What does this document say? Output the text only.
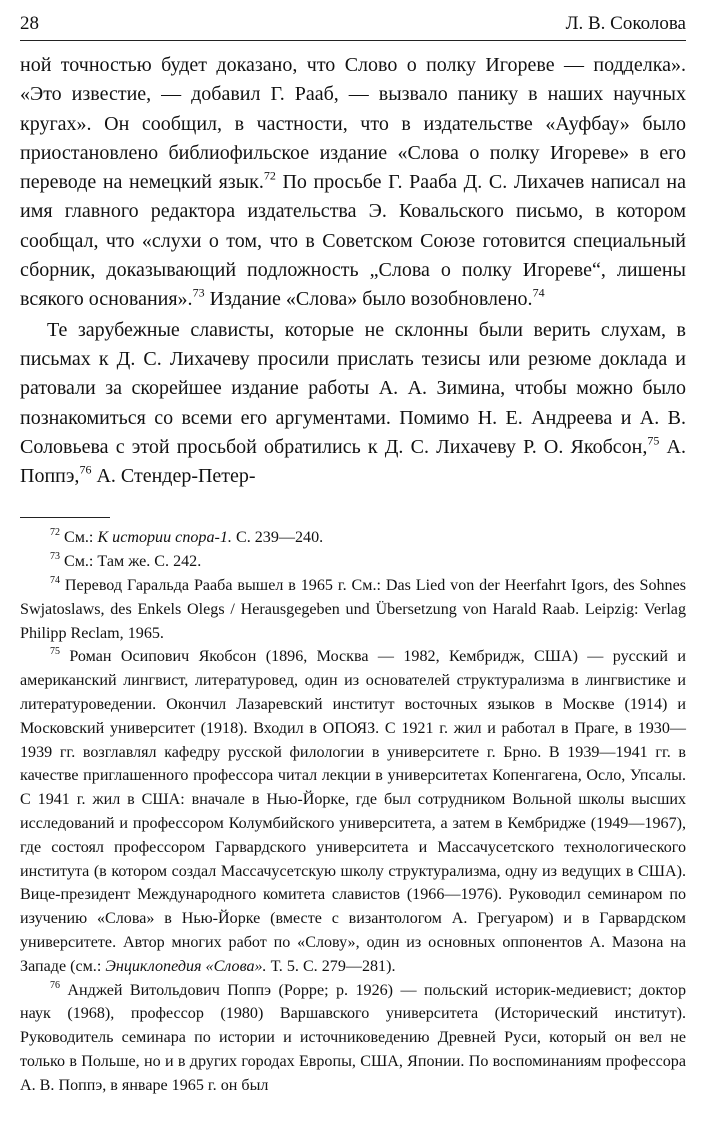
28	Л. В. Соколова

ной точностью будет доказано, что Слово о полку Игореве — подделка». «Это известие, — добавил Г. Рааб, — вызвало панику в наших научных кругах». Он сообщил, в частности, что в издательстве «Ауфбау» было приостановлено библиофильское издание «Слова о полку Игореве» в его переводе на немецкий язык.$^{72}$ По просьбе Г. Рааба Д. С. Лихачев написал на имя главного редактора издательства Э. Ковальского письмо, в котором сообщал, что «слухи о том, что в Советском Союзе готовится специальный сборник, доказывающий подложность „Слова о полку Игореве“, лишены всякого основания».$^{73}$ Издание «Слова» было возобновлено.$^{74}$

Те зарубежные слависты, которые не склонны были верить слухам, в письмах к Д. С. Лихачеву просили прислать тезисы или резюме доклада и ратовали за скорейшее издание работы А. А. Зимина, чтобы можно было познакомиться со всеми его аргументами. Помимо Н. Е. Андреева и А. В. Соловьева с этой просьбой обратились к Д. С. Лихачеву Р. О. Якобсон,$^{75}$ А. Поппэ,$^{76}$ А. Стендер-Петер-

$^{72}$ См.: К истории спора-1. С. 239—240.

$^{73}$ См.: Там же. С. 242.

$^{74}$ Перевод Гаральда Рааба вышел в 1965 г. См.: Das Lied von der Heerfahrt Igors, des Sohnes Swjatoslaws, des Enkels Olegs / Herausgegeben und Übersetzung von Harald Raab. Leipzig: Verlag Philipp Reclam, 1965.

$^{75}$ Роман Осипович Якобсон (1896, Москва — 1982, Кембридж, США) — русский и американский лингвист, литературовед, один из основателей структурализма в лингвистике и литературоведении. Окончил Лазаревский институт восточных языков в Москве (1914) и Московский университет (1918). Входил в ОПОЯЗ. С 1921 г. жил и работал в Праге, в 1930—1939 гг. возглавлял кафедру русской филологии в университете г. Брно. В 1939—1941 гг. в качестве приглашенного профессора читал лекции в университетах Копенгагена, Осло, Упсалы. С 1941 г. жил в США: вначале в Нью-Йорке, где был сотрудником Вольной школы высших исследований и профессором Колумбийского университета, а затем в Кембридже (1949—1967), где состоял профессором Гарвардского университета и Массачусетского технологического института (в котором создал Массачусетскую школу структурализма, одну из ведущих в США). Вице-президент Международного комитета славистов (1966—1976). Руководил семинаром по изучению «Слова» в Нью-Йорке (вместе с византологом А. Грегуаром) и в Гарвардском университете. Автор многих работ по «Слову», один из основных оппонентов А. Мазона на Западе (см.: Энциклопедия «Слова». Т. 5. С. 279—281).

$^{76}$ Анджей Витольдович Поппэ (Poppe; р. 1926) — польский историк-медиевист; доктор наук (1968), профессор (1980) Варшавского университета (Исторический институт). Руководитель семинара по истории и источниковедению Древней Руси, который он вел не только в Польше, но и в других городах Европы, США, Японии. По воспоминаниям профессора А. В. Поппэ, в январе 1965 г. он был
